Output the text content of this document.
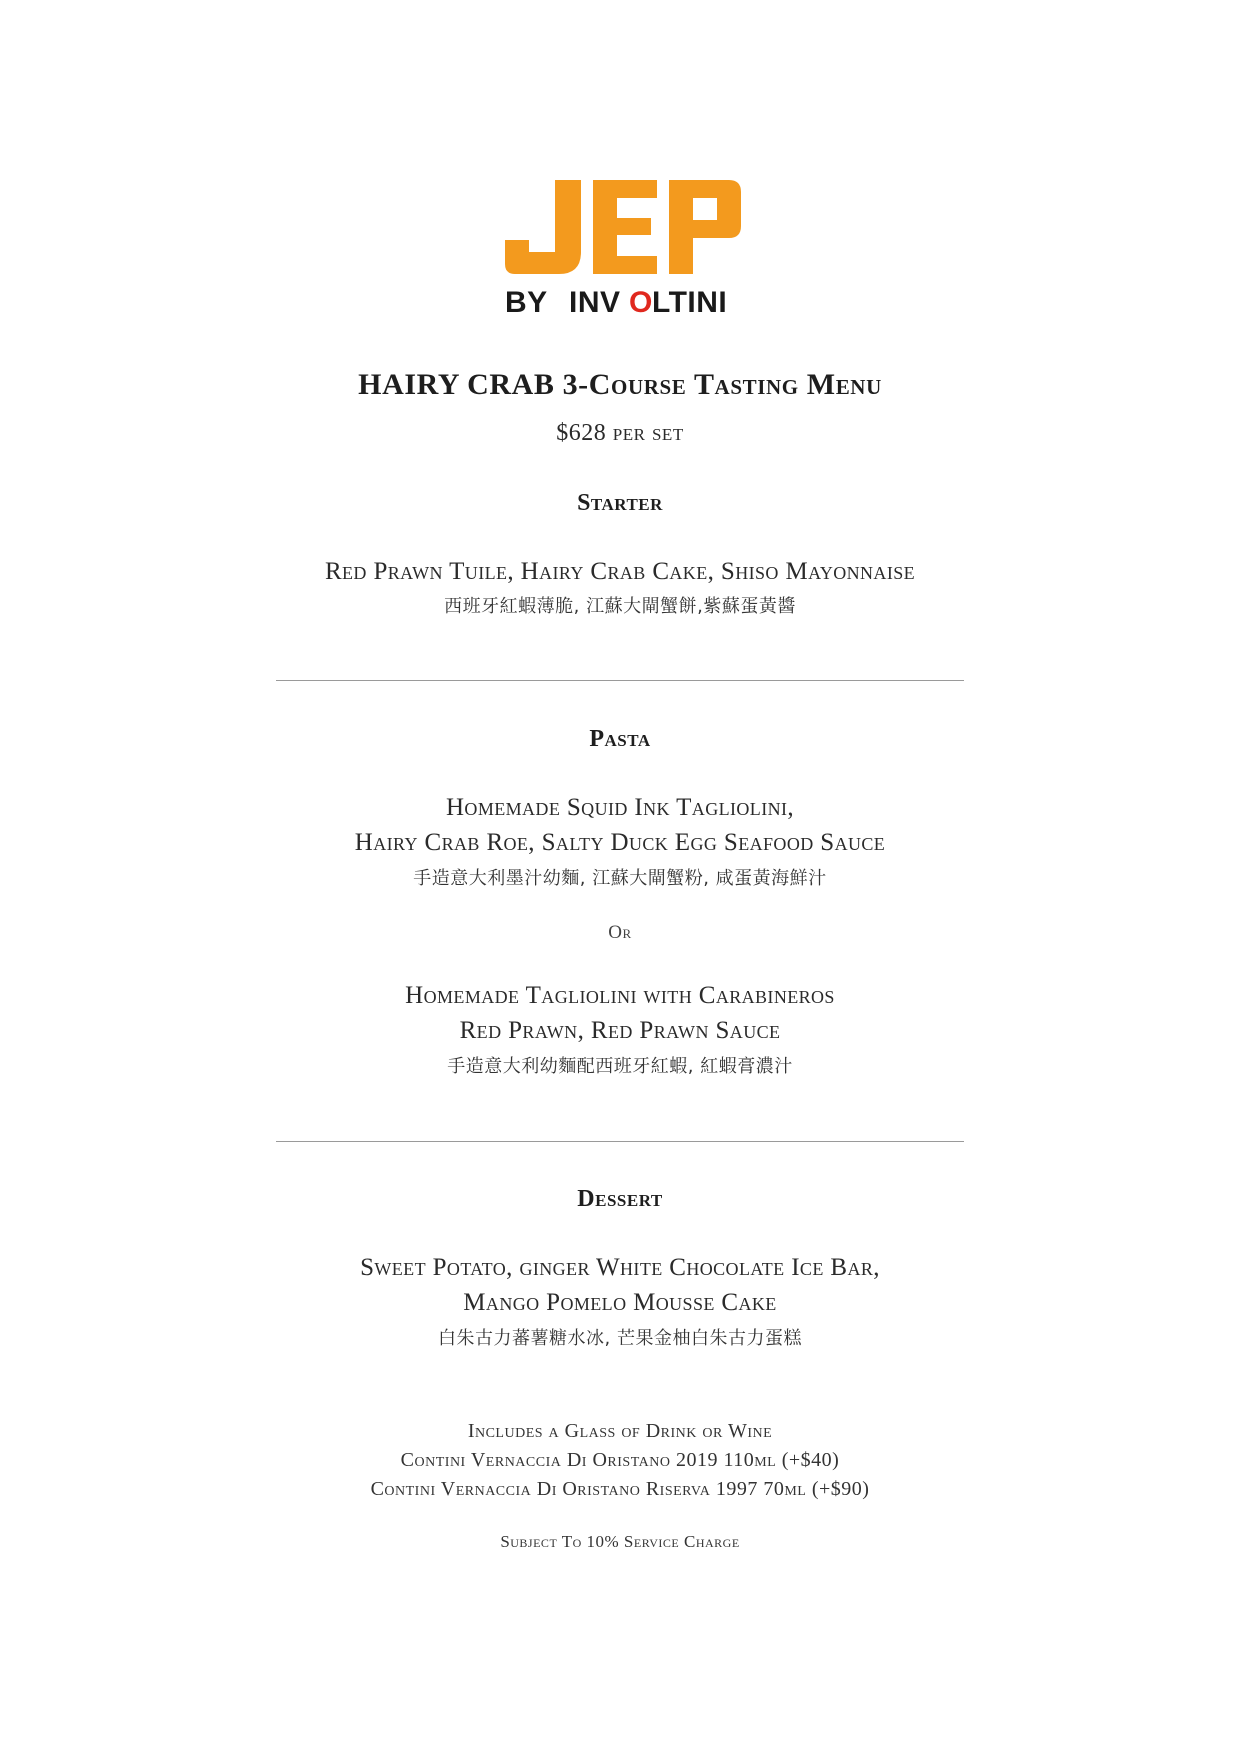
BY INV O LTINI
HAIRY CRAB 3-Course Tasting Menu
$628 per set
Starter
Red Prawn Tuile, Hairy Crab Cake, Shiso Mayonnaise
西班牙紅蝦薄脆, 江蘇大閘蟹餅,紫蘇蛋黃醬
Pasta
Homemade Squid Ink Tagliolini,
Hairy Crab Roe, Salty Duck Egg Seafood Sauce
手造意大利墨汁幼麵, 江蘇大閘蟹粉, 咸蛋黃海鮮汁
Or
Homemade Tagliolini with Carabineros
Red Prawn, Red Prawn Sauce
手造意大利幼麵配西班牙紅蝦, 紅蝦膏濃汁
Dessert
Sweet Potato, ginger White Chocolate Ice Bar,
Mango Pomelo Mousse Cake
白朱古力蕃薯糖水冰, 芒果金柚白朱古力蛋糕
Includes a Glass of Drink or Wine
Contini Vernaccia Di Oristano 2019 110ml (+$40)
Contini Vernaccia Di Oristano Riserva 1997 70ml (+$90)
Subject To 10% Service Charge
